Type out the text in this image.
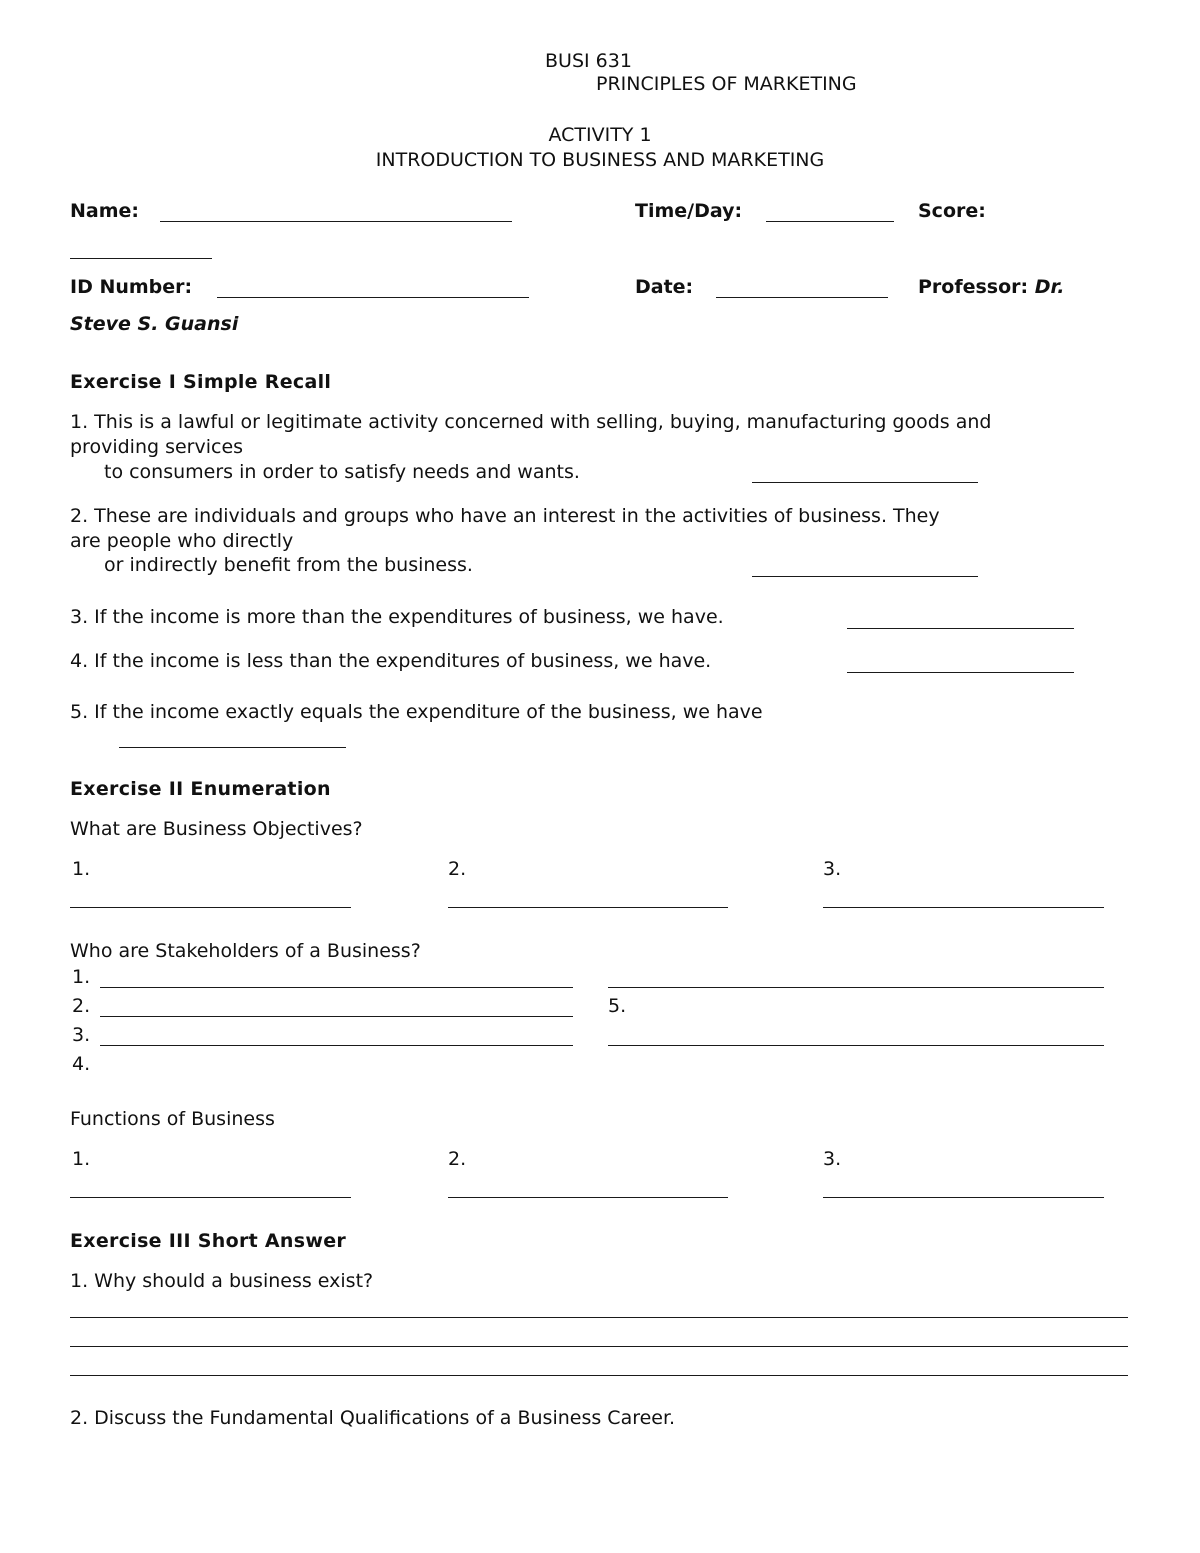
BUSI 631
PRINCIPLES OF MARKETING
ACTIVITY 1
INTRODUCTION TO BUSINESS AND MARKETING
Name:	Time/Day:	Score:
ID Number:	Date:	Professor: Dr.
Steve S. Guansi
Exercise I Simple Recall
1. This is a lawful or legitimate activity concerned with selling, buying, manufacturing goods and
providing services
to consumers in order to satisfy needs and wants.
2. These are individuals and groups who have an interest in the activities of business. They
are people who directly
or indirectly benefit from the business.
3. If the income is more than the expenditures of business, we have.
4. If the income is less than the expenditures of business, we have.
5. If the income exactly equals the expenditure of the business, we have
Exercise II Enumeration
What are Business Objectives?
1.	2.	3.
Who are Stakeholders of a Business?
1.
2.	5.
3.
4.
Functions of Business
1.	2.	3.
Exercise III Short Answer
1. Why should a business exist?
2. Discuss the Fundamental Qualifications of a Business Career.
